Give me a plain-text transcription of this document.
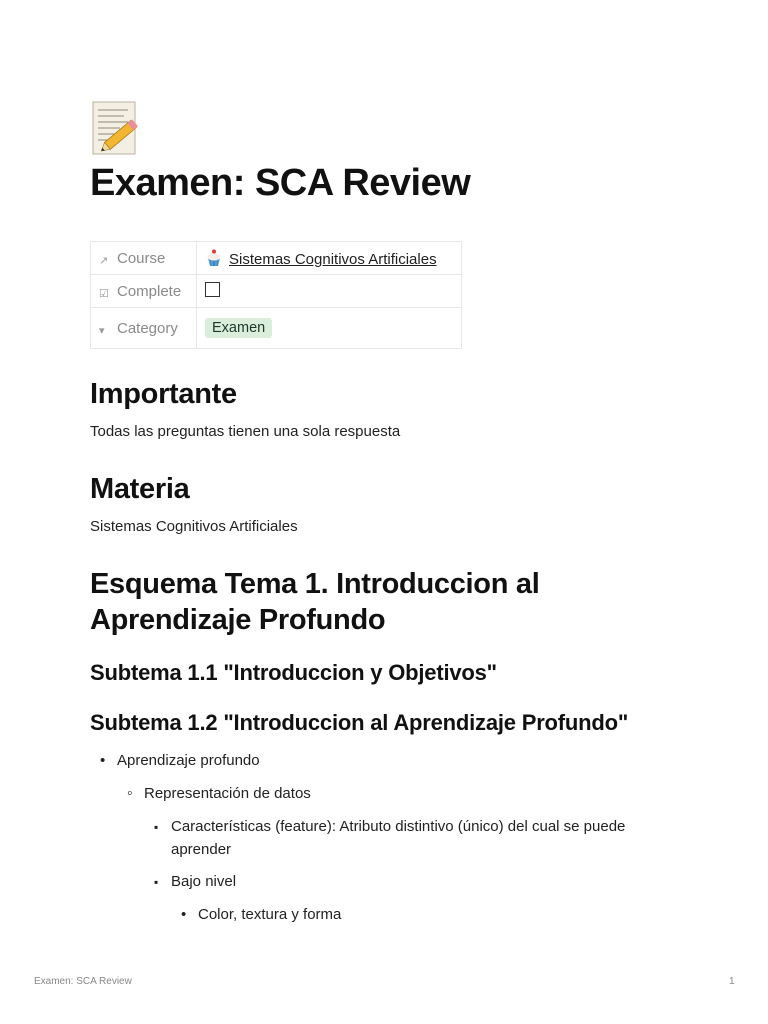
Examen: SCA Review
↗ Course	Sistemas Cognitivos Artificiales
☑ Complete	
▾ Category	Examen
Importante

Todas las preguntas tienen una sola respuesta

Materia

Sistemas Cognitivos Artificiales

Esquema Tema 1. Introduccion al
Aprendizaje Profundo
Subtema 1.1 "Introduccion y Objetivos"
Subtema 1.2 "Introduccion al Aprendizaje Profundo"
•
Aprendizaje profundo
◦
Representación de datos
▪
Características (feature): Atributo distintivo (único) del cual se puede
aprender
▪
Bajo nivel
•
Color, textura y forma
Examen: SCA Review	1
